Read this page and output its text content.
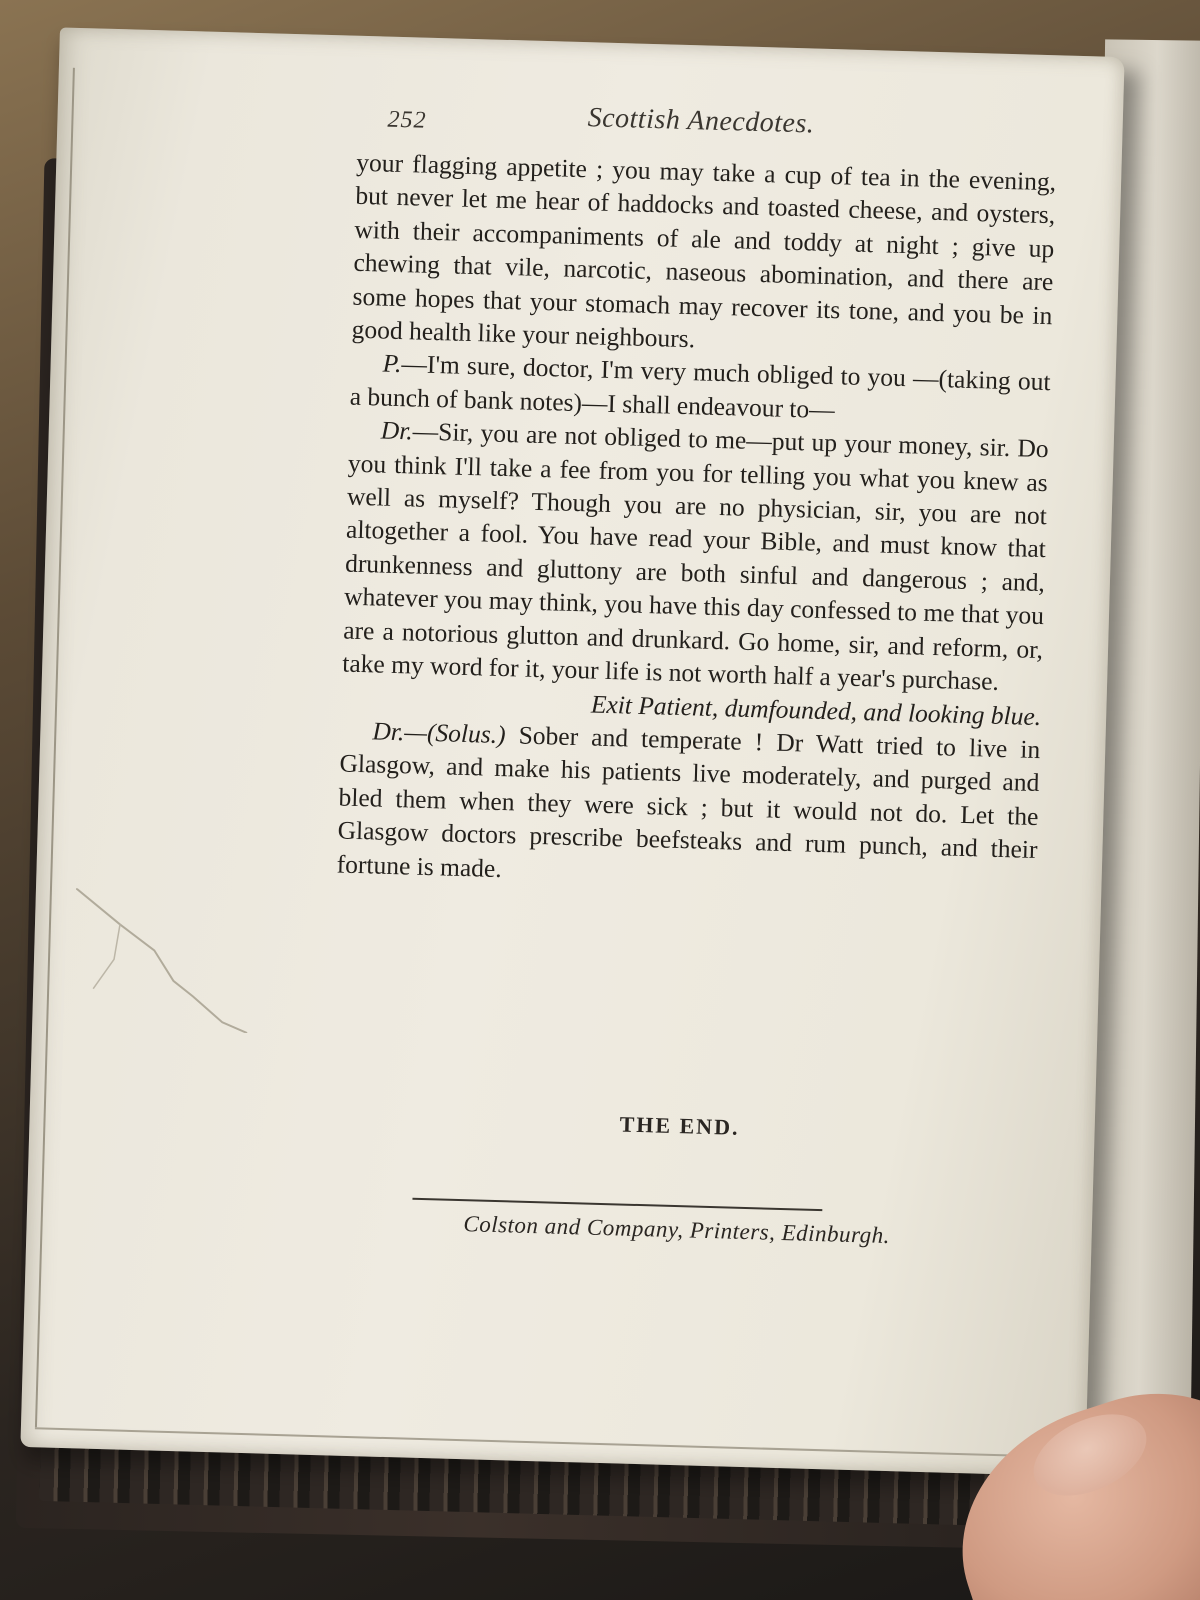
252	Scottish Anecdotes.

your flagging appetite ; you may take a cup of tea in the evening, but never let me hear of haddocks and toasted cheese, and oysters, with their accompaniments of ale and toddy at night ; give up chewing that vile, narcotic, naseous abomination, and there are some hopes that your stomach may recover its tone, and you be in good health like your neighbours.

P.—I'm sure, doctor, I'm very much obliged to you —(taking out a bunch of bank notes)—I shall endeavour to—

Dr.—Sir, you are not obliged to me—put up your money, sir. Do you think I'll take a fee from you for telling you what you knew as well as myself? Though you are no physician, sir, you are not altogether a fool. You have read your Bible, and must know that drunkenness and gluttony are both sinful and dangerous ; and, whatever you may think, you have this day confessed to me that you are a notorious glutton and drunkard. Go home, sir, and reform, or, take my word for it, your life is not worth half a year's purchase.

Exit Patient, dumfounded, and looking blue.

Dr.—(Solus.) Sober and temperate ! Dr Watt tried to live in Glasgow, and make his patients live moderately, and purged and bled them when they were sick ; but it would not do. Let the Glasgow doctors prescribe beefsteaks and rum punch, and their fortune is made.

THE END.
Colston and Company, Printers, Edinburgh.
